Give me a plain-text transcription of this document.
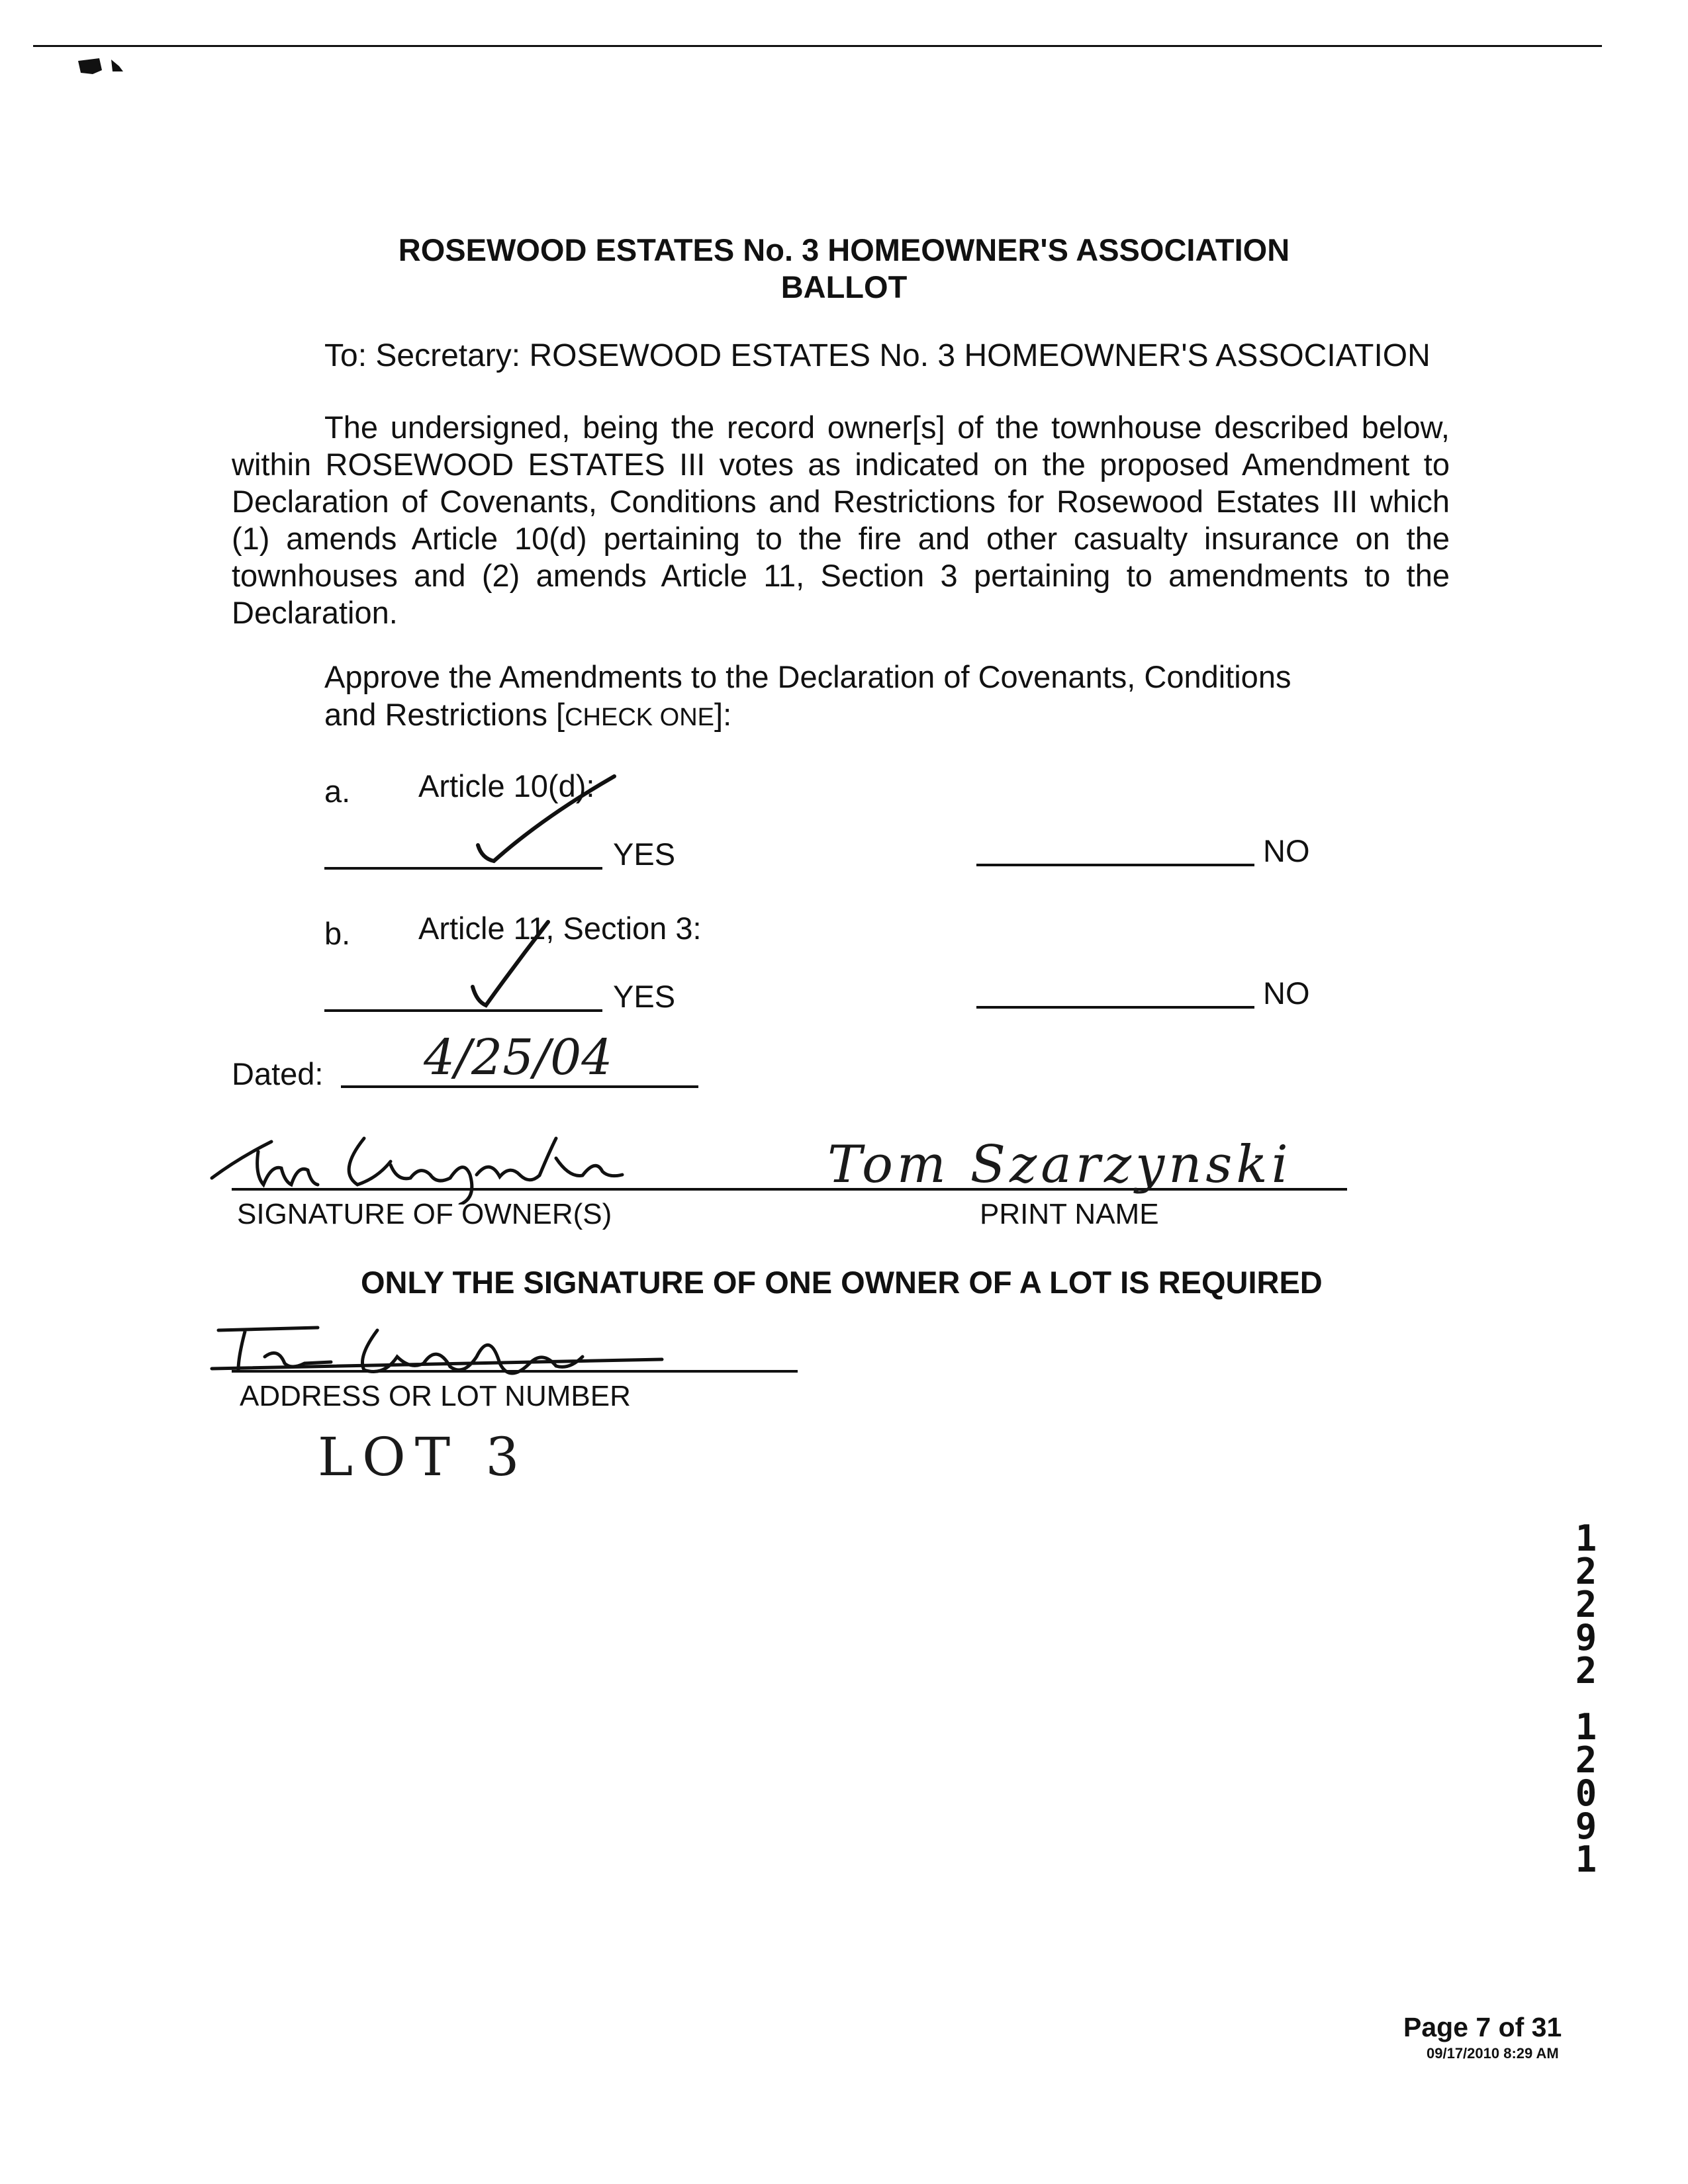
ROSEWOOD ESTATES No. 3 HOMEOWNER'S ASSOCIATION
BALLOT
To: Secretary: ROSEWOOD ESTATES No. 3 HOMEOWNER'S ASSOCIATION
The undersigned, being the record owner[s] of the townhouse described below, within ROSEWOOD ESTATES III votes as indicated on the proposed Amendment to Declaration of Covenants, Conditions and Restrictions for Rosewood Estates III which (1) amends Article 10(d) pertaining to the fire and other casualty insurance on the townhouses and (2) amends Article 11, Section 3 pertaining to amendments to the Declaration.
Approve the Amendments to the Declaration of Covenants, Conditions
and Restrictions [CHECK ONE]:
a. Article 10(d):
YES	NO
b. Article 11, Section 3:
YES	NO
Dated: 4/25/04
Tom Szarzynski
SIGNATURE OF OWNER(S)	PRINT NAME
ONLY THE SIGNATURE OF ONE OWNER OF A LOT IS REQUIRED
ADDRESS OR LOT NUMBER
LOT 3
1
2
2
9
2
1
2
0
9
1
Page 7 of 31
09/17/2010 8:29 AM
